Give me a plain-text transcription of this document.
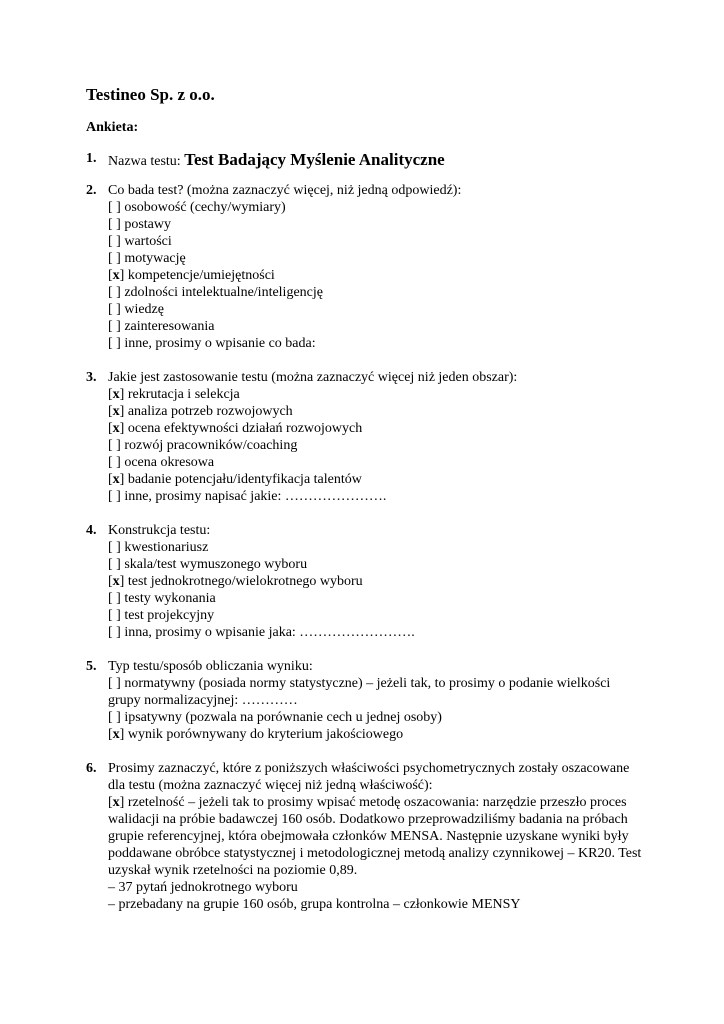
Testineo Sp. z o.o.
Ankieta:
1. Nazwa testu: Test Badający Myślenie Analityczne
2. Co bada test? (można zaznaczyć więcej, niż jedną odpowiedź):
[ ] osobowość (cechy/wymiary)
[ ] postawy
[ ] wartości
[ ] motywację
[x] kompetencje/umiejętności
[ ] zdolności intelektualne/inteligencję
[ ] wiedzę
[ ] zainteresowania
[ ] inne, prosimy o wpisanie co bada:
3. Jakie jest zastosowanie testu (można zaznaczyć więcej niż jeden obszar):
[x] rekrutacja i selekcja
[x] analiza potrzeb rozwojowych
[x] ocena efektywności działań rozwojowych
[ ] rozwój pracowników/coaching
[ ] ocena okresowa
[x] badanie potencjału/identyfikacja talentów
[ ] inne, prosimy napisać jakie: ………………….
4. Konstrukcja testu:
[ ] kwestionariusz
[ ] skala/test wymuszonego wyboru
[x] test jednokrotnego/wielokrotnego wyboru
[ ] testy wykonania
[ ] test projekcyjny
[ ] inna, prosimy o wpisanie jaka: …………………….
5. Typ testu/sposób obliczania wyniku:
[ ] normatywny (posiada normy statystyczne) – jeżeli tak, to prosimy o podanie wielkości grupy normalizacyjnej: …………
[ ] ipsatywny (pozwala na porównanie cech u jednej osoby)
[x] wynik porównywany do kryterium jakościowego
6. Prosimy zaznaczyć, które z poniższych właściwości psychometrycznych zostały oszacowane dla testu (można zaznaczyć więcej niż jedną właściwość):
[x] rzetelność – jeżeli tak to prosimy wpisać metodę oszacowania: narzędzie przeszło proces walidacji na próbie badawczej 160 osób. Dodatkowo przeprowadziliśmy badania na próbach grupie referencyjnej, która obejmowała członków MENSA. Następnie uzyskane wyniki były poddawane obróbce statystycznej i metodologicznej metodą analizy czynnikowej – KR20. Test uzyskał wynik rzetelności na poziomie 0,89.
– 37 pytań jednokrotnego wyboru
– przebadany na grupie 160 osób, grupa kontrolna – członkowie MENSY
